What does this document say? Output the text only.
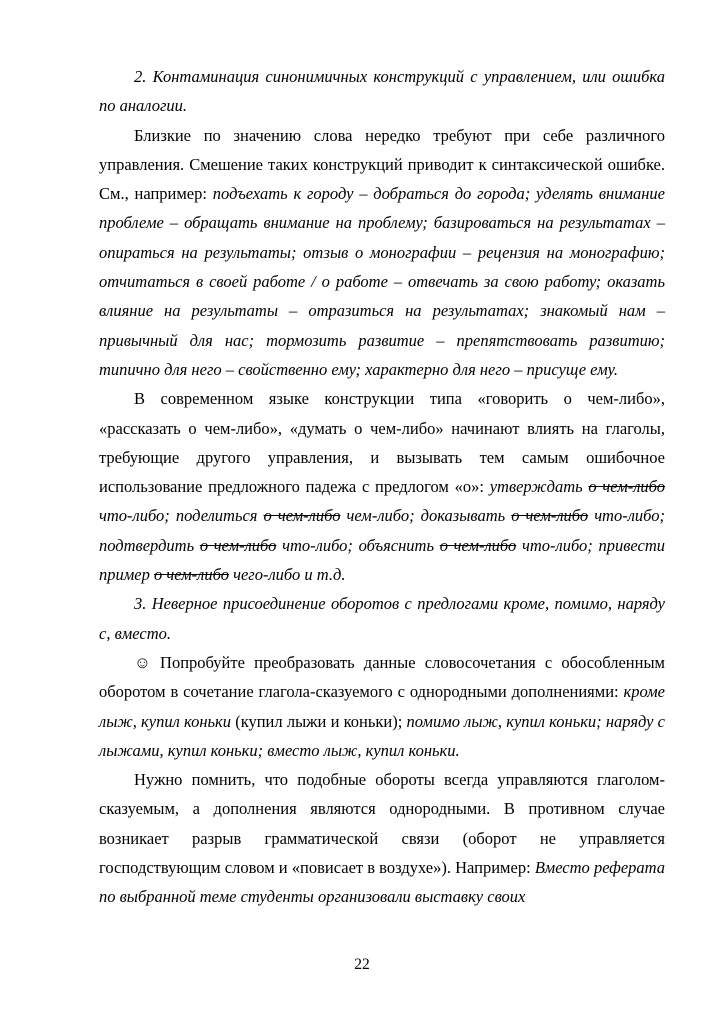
2. Контаминация синонимичных конструкций с управлением, или ошибка по аналогии.

Близкие по значению слова нередко требуют при себе различного управления. Смешение таких конструкций приводит к синтаксической ошибке. См., например: подъехать к городу – добраться до города; уделять внимание проблеме – обращать внимание на проблему; базироваться на результатах – опираться на результаты; отзыв о монографии – рецензия на монографию; отчитаться в своей работе / о работе – отвечать за свою работу; оказать влияние на результаты – отразиться на результатах; знакомый нам – привычный для нас; тормозить развитие – препятствовать развитию; типично для него – свойственно ему; характерно для него – присуще ему.

В современном языке конструкции типа «говорить о чем-либо», «рассказать о чем-либо», «думать о чем-либо» начинают влиять на глаголы, требующие другого управления, и вызывать тем самым ошибочное использование предложного падежа с предлогом «о»: утверждать о чем-либо что-либо; поделиться о чем-либо чем-либо; доказывать о чем-либо что-либо; подтвердить о чем-либо что-либо; объяснить о чем-либо что-либо; привести пример о чем-либо чего-либо и т.д.

3. Неверное присоединение оборотов с предлогами кроме, помимо, наряду с, вместо.

☺ Попробуйте преобразовать данные словосочетания с обособленным оборотом в сочетание глагола-сказуемого с однородными дополнениями: кроме лыж, купил коньки (купил лыжи и коньки); помимо лыж, купил коньки; наряду с лыжами, купил коньки; вместо лыж, купил коньки.

Нужно помнить, что подобные обороты всегда управляются глаголом-сказуемым, а дополнения являются однородными. В противном случае возникает разрыв грамматической связи (оборот не управляется господствующим словом и «повисает в воздухе»). Например: Вместо реферата по выбранной теме студенты организовали выставку своих

22
